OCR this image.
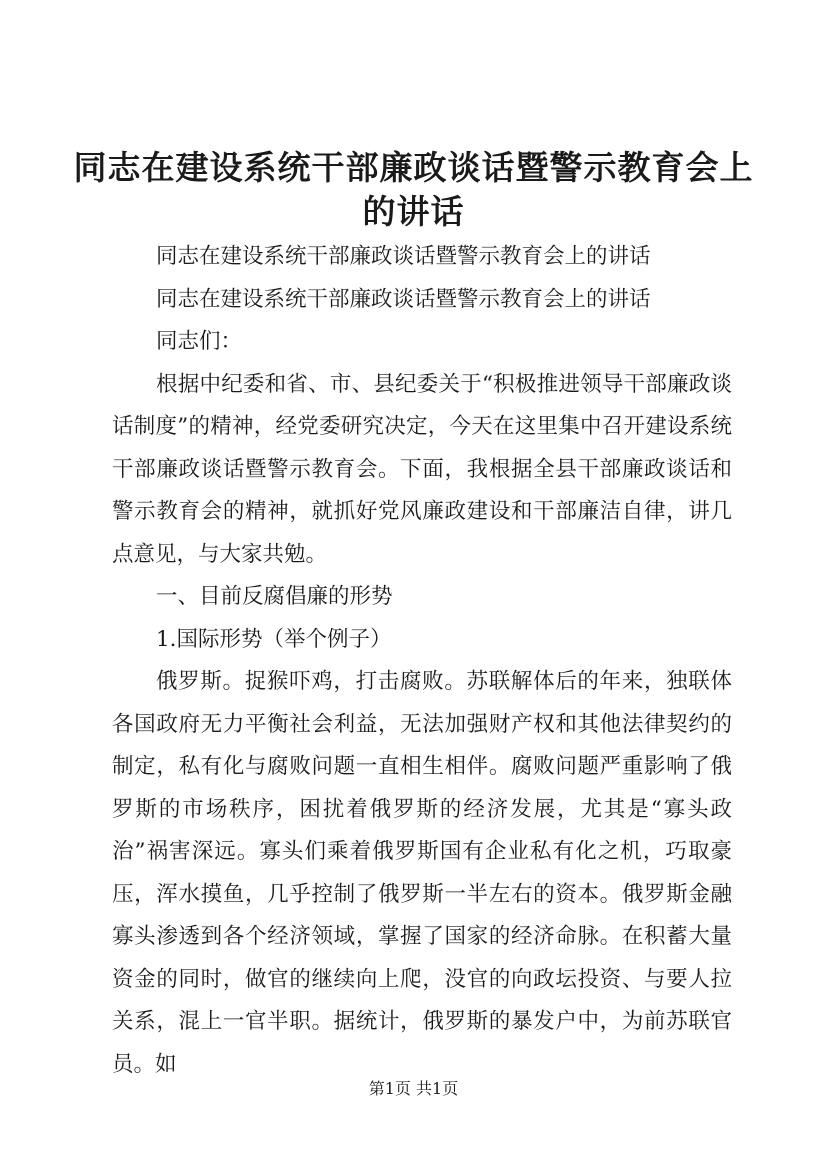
同志在建设系统干部廉政谈话暨警示教育会上
的讲话

同志在建设系统干部廉政谈话暨警示教育会上的讲话

同志在建设系统干部廉政谈话暨警示教育会上的讲话

同志们：

根据中纪委和省、市、县纪委关于“积极推进领导干部廉政谈话制度”的精神，经党委研究决定，今天在这里集中召开建设系统干部廉政谈话暨警示教育会。下面，我根据全县干部廉政谈话和警示教育会的精神，就抓好党风廉政建设和干部廉洁自律，讲几点意见，与大家共勉。

一、目前反腐倡廉的形势

1.国际形势（举个例子）

俄罗斯。捉猴吓鸡，打击腐败。苏联解体后的年来，独联体各国政府无力平衡社会利益，无法加强财产权和其他法律契约的制定，私有化与腐败问题一直相生相伴。腐败问题严重影响了俄罗斯的市场秩序，困扰着俄罗斯的经济发展，尤其是“寡头政治”祸害深远。寡头们乘着俄罗斯国有企业私有化之机，巧取豪压，浑水摸鱼，几乎控制了俄罗斯一半左右的资本。俄罗斯金融寡头渗透到各个经济领域，掌握了国家的经济命脉。在积蓄大量资金的同时，做官的继续向上爬，没官的向政坛投资、与要人拉关系，混上一官半职。据统计，俄罗斯的暴发户中，为前苏联官员。如

第1页 共1页
